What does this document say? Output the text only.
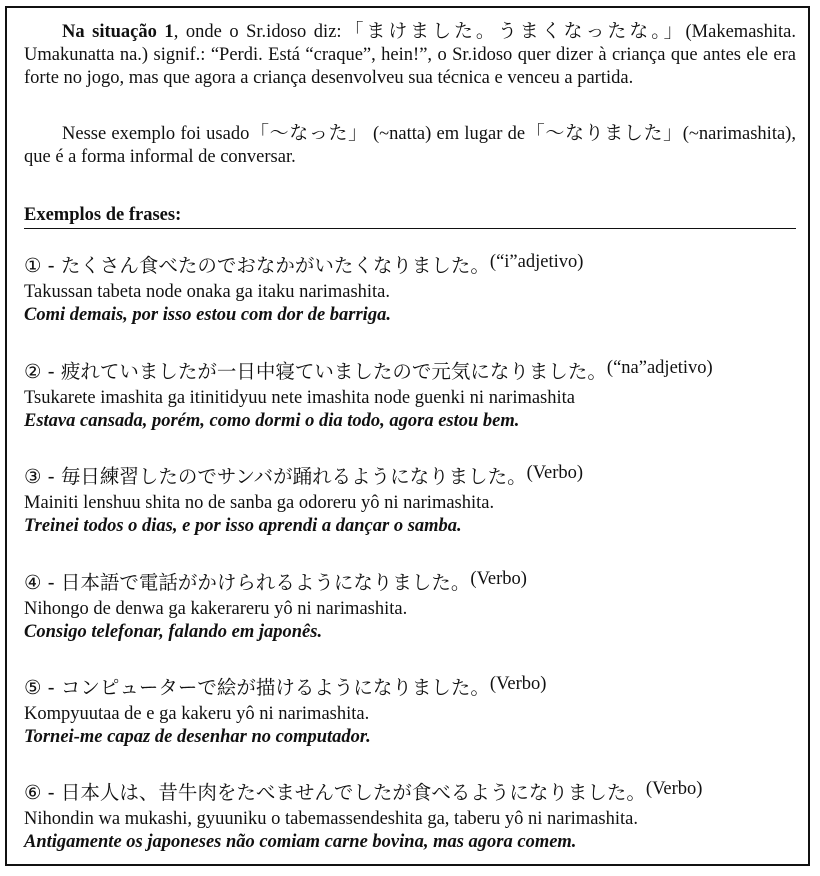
Na situação 1, onde o Sr.idoso diz:「まけました。うまくなったな。」(Makemashita. Umakunatta na.) signif.: “Perdi. Está “craque”, hein!”, o Sr.idoso quer dizer à criança que antes ele era forte no jogo, mas que agora a criança desenvolveu sua técnica e venceu a partida.

Nesse exemplo foi usado「〜なった」 (~natta) em lugar de「〜なりました」(~narimashita), que é a forma informal de conversar.

Exemplos de frases:
① - たくさん食べたのでおなかがいたくなりました。(“i”adjetivo)
Takussan tabeta node onaka ga itaku narimashita.
Comi demais, por isso estou com dor de barriga.
② - 疲れていましたが一日中寝ていましたので元気になりました。(“na”adjetivo)
Tsukarete imashita ga itinitidyuu nete imashita node guenki ni narimashita
Estava cansada, porém, como dormi o dia todo, agora estou bem.
③ - 毎日練習したのでサンバが踊れるようになりました。(Verbo)
Mainiti lenshuu shita no de sanba ga odoreru yô ni narimashita.
Treinei todos o dias, e por isso aprendi a dançar o samba.
④ - 日本語で電話がかけられるようになりました。(Verbo)
Nihongo de denwa ga kakerareru yô ni narimashita.
Consigo telefonar, falando em japonês.
⑤ - コンピューターで絵が描けるようになりました。(Verbo)
Kompyuutaa de e ga kakeru yô ni narimashita.
Tornei-me capaz de desenhar no computador.
⑥ - 日本人は、昔牛肉をたべませんでしたが食べるようになりました。(Verbo)
Nihondin wa mukashi, gyuuniku o tabemassendeshita ga, taberu yô ni narimashita.
Antigamente os japoneses não comiam carne bovina, mas agora comem.
